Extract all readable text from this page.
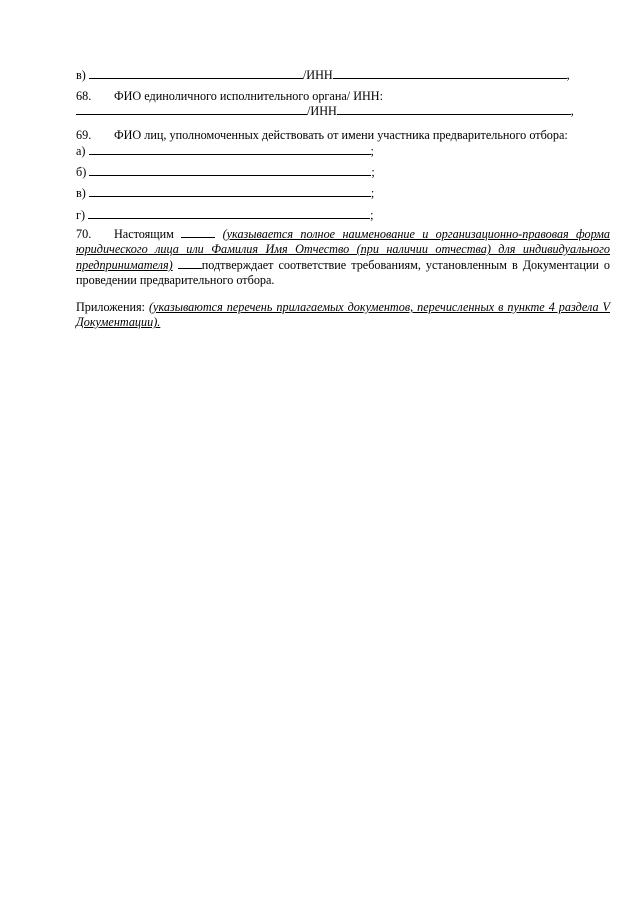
в)	/ИНН	,
68. ФИО единоличного исполнительного органа/ ИНН:
/ИНН	,
69. ФИО лиц, уполномоченных действовать от имени участника предварительного отбора:
а)	;
б)	;
в)	;
г)	;
70. Настоящим	(указывается полное наименование и организационно-правовая форма юридического лица или Фамилия Имя Отчество (при наличии отчества) для индивидуального предпринимателя) подтверждает соответствие требованиям, установленным в Документации о проведении предварительного отбора.
Приложения: (указываются перечень прилагаемых документов, перечисленных в пункте 4 раздела V Документации).
